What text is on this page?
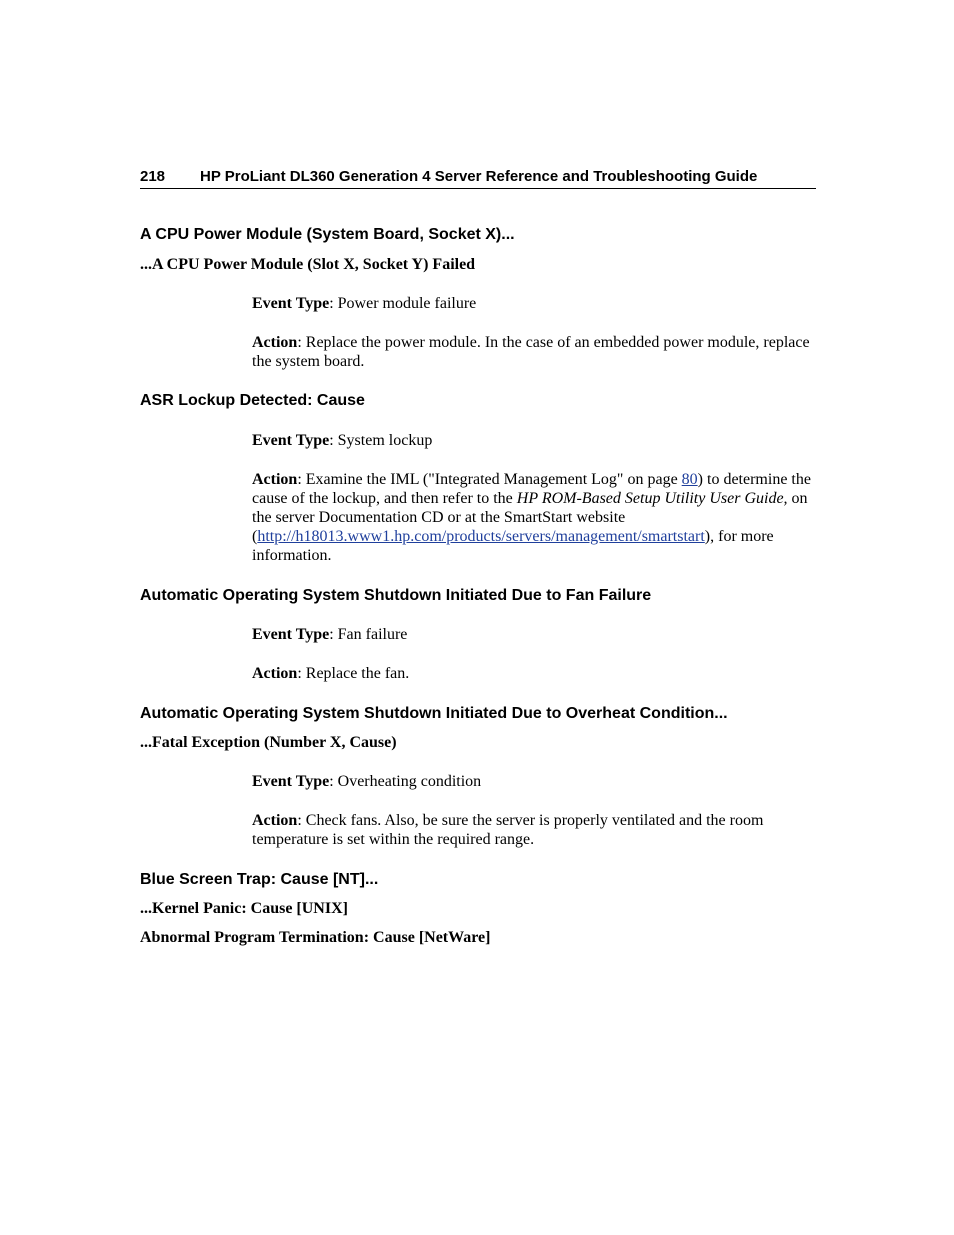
218 HP ProLiant DL360 Generation 4 Server Reference and Troubleshooting Guide
A CPU Power Module (System Board, Socket X)...
...A CPU Power Module (Slot X, Socket Y) Failed
Event Type: Power module failure
Action: Replace the power module. In the case of an embedded power module, replace the system board.
ASR Lockup Detected: Cause
Event Type: System lockup
Action: Examine the IML ("Integrated Management Log" on page 80) to determine the cause of the lockup, and then refer to the HP ROM-Based Setup Utility User Guide, on the server Documentation CD or at the SmartStart website (http://h18013.www1.hp.com/products/servers/management/smartstart), for more information.
Automatic Operating System Shutdown Initiated Due to Fan Failure
Event Type: Fan failure
Action: Replace the fan.
Automatic Operating System Shutdown Initiated Due to Overheat Condition...
...Fatal Exception (Number X, Cause)
Event Type: Overheating condition
Action: Check fans. Also, be sure the server is properly ventilated and the room temperature is set within the required range.
Blue Screen Trap: Cause [NT]...
...Kernel Panic: Cause [UNIX]
Abnormal Program Termination: Cause [NetWare]
